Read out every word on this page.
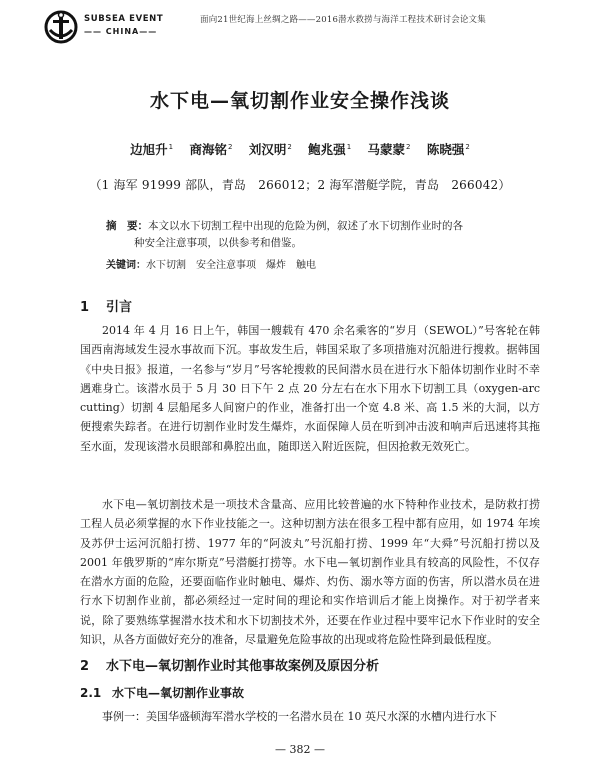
SUBSEA EVENT
—— CHINA——
面向21世纪海上丝绸之路——2016潜水救捞与海洋工程技术研讨会论文集
水下电—氧切割作业安全操作浅谈
边旭升$^1$ 商海铭$^2$ 刘汉明$^2$ 鲍兆强$^1$ 马蒙蒙$^2$ 陈晓强$^2$
（1 海军 91999 部队，青岛　266012；2 海军潜艇学院，青岛　266042）
摘　要：本文以水下切割工程中出现的危险为例，叙述了水下切割作业时的各
种安全注意事项，以供参考和借鉴。
关键词：水下切割　安全注意事项　爆炸　触电
1 引言

2014 年 4 月 16 日上午，韩国一艘载有 470 余名乘客的“岁月（SEWOL）”号客轮在韩国西南海域发生浸水事故而下沉。事故发生后，韩国采取了多项措施对沉船进行搜救。据韩国《中央日报》报道，一名参与“岁月”号客轮搜救的民间潜水员在进行水下船体切割作业时不幸遇难身亡。该潜水员于 5 月 30 日下午 2 点 20 分左右在水下用水下切割工具（oxygen-arc cutting）切割 4 层船尾多人间窗户的作业，准备打出一个宽 4.8 米、高 1.5 米的大洞，以方便搜索失踪者。在进行切割作业时发生爆炸，水面保障人员在听到冲击波和响声后迅速将其拖至水面，发现该潜水员眼部和鼻腔出血，随即送入附近医院，但因抢救无效死亡。

水下电—氧切割技术是一项技术含量高、应用比较普遍的水下特种作业技术，是防救打捞工程人员必须掌握的水下作业技能之一。这种切割方法在很多工程中都有应用，如 1974 年埃及苏伊士运河沉船打捞、1977 年的“阿波丸”号沉船打捞、1999 年“大舜”号沉船打捞以及 2001 年俄罗斯的“库尔斯克”号潜艇打捞等。水下电—氧切割作业具有较高的风险性，不仅存在潜水方面的危险，还要面临作业时触电、爆炸、灼伤、溺水等方面的伤害，所以潜水员在进行水下切割作业前，都必须经过一定时间的理论和实作培训后才能上岗操作。对于初学者来说，除了要熟练掌握潜水技术和水下切割技术外，还要在作业过程中要牢记水下作业时的安全知识，从各方面做好充分的准备，尽量避免危险事故的出现或将危险性降到最低程度。

2 水下电—氧切割作业时其他事故案例及原因分析
2.1 水下电—氧切割作业事故

事例一：美国华盛顿海军潜水学校的一名潜水员在 10 英尺水深的水槽内进行水下

— 382 —
